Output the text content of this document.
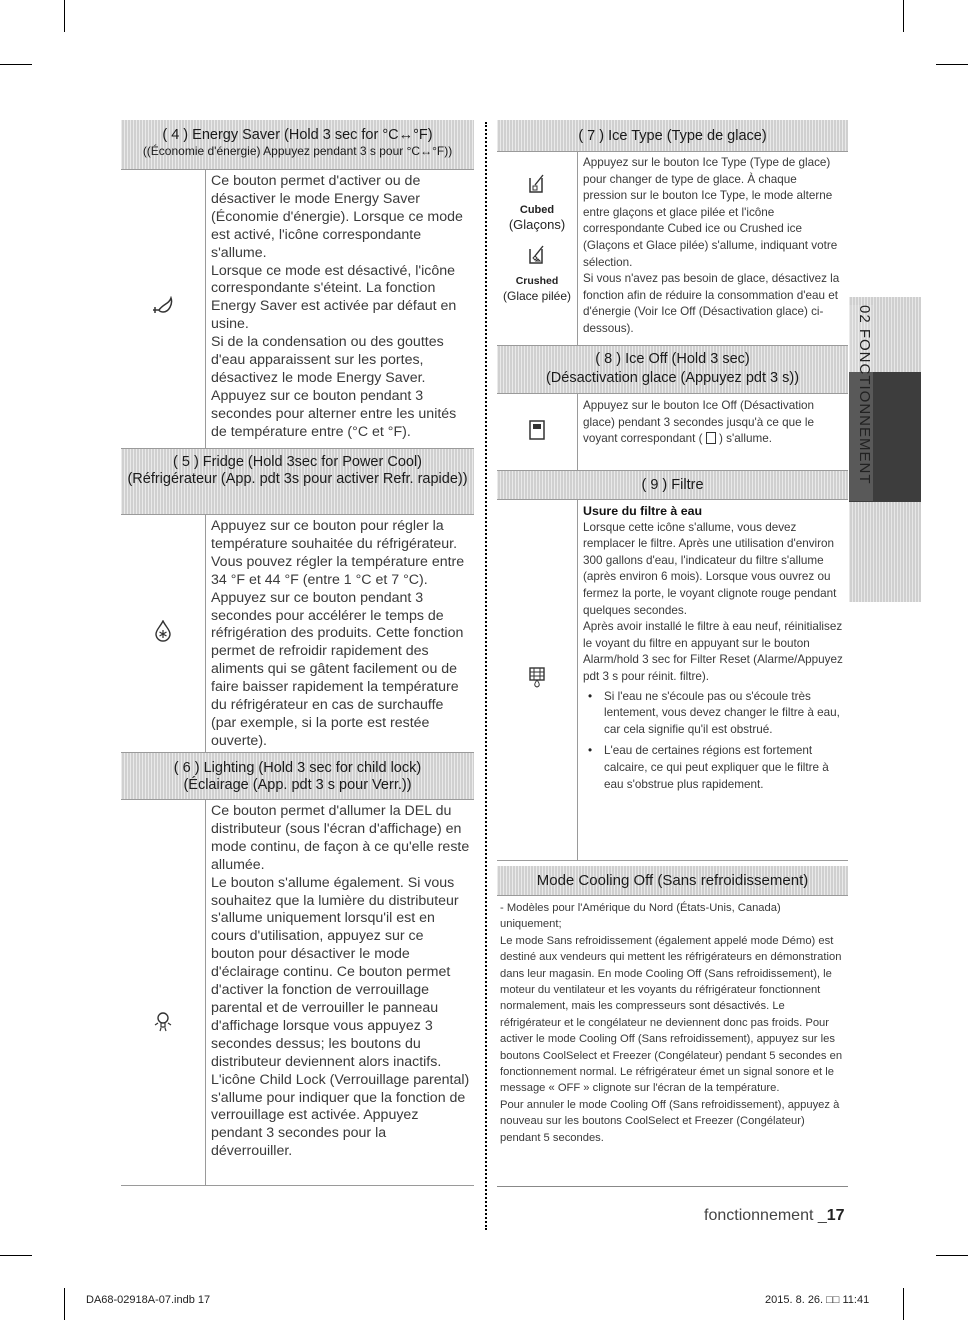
( 4 ) Energy Saver (Hold 3 sec for °C↔°F)
((Économie d'énergie) Appuyez pendant 3 s pour °C↔°F))

Ce bouton permet d'activer ou de désactiver le mode Energy Saver (Économie d'énergie). Lorsque ce mode est activé, l'icône correspondante s'allume.

Lorsque ce mode est désactivé, l'icône correspondante s'éteint. La fonction Energy Saver est activée par défaut en usine.

Si de la condensation ou des gouttes d'eau apparaissent sur les portes, désactivez le mode Energy Saver.

Appuyez sur ce bouton pendant 3 secondes pour alterner entre les unités de température entre (°C et °F).

( 5 ) Fridge (Hold 3sec for Power Cool)
(Réfrigérateur (App. pdt 3s pour activer Refr. rapide))

Appuyez sur ce bouton pour régler la température souhaitée du réfrigérateur. Vous pouvez régler la température entre 34 °F et 44 °F (entre 1 °C et 7 °C). Appuyez sur ce bouton pendant 3 secondes pour accélérer le temps de réfrigération des produits. Cette fonction permet de refroidir rapidement des aliments qui se gâtent facilement ou de faire baisser rapidement la température du réfrigérateur en cas de surchauffe (par exemple, si la porte est restée ouverte).

( 6 ) Lighting (Hold 3 sec for child lock)
(Éclairage (App. pdt 3 s pour Verr.))

Ce bouton permet d'allumer la DEL du distributeur (sous l'écran d'affichage) en mode continu, de façon à ce qu'elle reste allumée.

Le bouton s'allume également. Si vous souhaitez que la lumière du distributeur s'allume uniquement lorsqu'il est en cours d'utilisation, appuyez sur ce bouton pour désactiver le mode d'éclairage continu. Ce bouton permet d'activer la fonction de verrouillage parental et de verrouiller le panneau d'affichage lorsque vous appuyez 3 secondes dessus; les boutons du distributeur deviennent alors inactifs. L'icône Child Lock (Verrouillage parental) s'allume pour indiquer que la fonction de verrouillage est activée. Appuyez pendant 3 secondes pour la déverrouiller.

( 7 ) Ice Type (Type de glace)
Cubed
(Glaçons)
Crushed
(Glace pilée)

Appuyez sur le bouton Ice Type (Type de glace) pour changer de type de glace. À chaque pression sur le bouton Ice Type, le mode alterne entre glaçons et glace pilée et l'icône correspondante Cubed ice ou Crushed ice (Glaçons et Glace pilée) s'allume, indiquant votre sélection.

Si vous n'avez pas besoin de glace, désactivez la fonction afin de réduire la consommation d'eau et d'énergie (Voir Ice Off (Désactivation glace) ci-dessous).

( 8 ) Ice Off (Hold 3 sec)
(Désactivation glace (Appuyez pdt 3 s))

Appuyez sur le bouton Ice Off (Désactivation glace) pendant 3 secondes jusqu'à ce que le voyant correspondant ( ) s'allume.

( 9 ) Filtre

Usure du filtre à eau

Lorsque cette icône s'allume, vous devez remplacer le filtre. Après une utilisation d'environ 300 gallons d'eau, l'indicateur du filtre s'allume (après environ 6 mois). Lorsque vous ouvrez ou fermez la porte, le voyant clignote rouge pendant quelques secondes.

Après avoir installé le filtre à eau neuf, réinitialisez le voyant du filtre en appuyant sur le bouton Alarm/hold 3 sec for Filter Reset (Alarme/Appuyez pdt 3 s pour réinit. filtre).

• Si l'eau ne s'écoule pas ou s'écoule très lentement, vous devez changer le filtre à eau, car cela signifie qu'il est obstrué.
• L'eau de certaines régions est fortement calcaire, ce qui peut expliquer que le filtre à eau s'obstrue plus rapidement.
Mode Cooling Off (Sans refroidissement)

- Modèles pour l'Amérique du Nord (États-Unis, Canada) uniquement;

Le mode Sans refroidissement (également appelé mode Démo) est destiné aux vendeurs qui mettent les réfrigérateurs en démonstration dans leur magasin. En mode Cooling Off (Sans refroidissement), le moteur du ventilateur et les voyants du réfrigérateur fonctionnent normalement, mais les compresseurs sont désactivés. Le réfrigérateur et le congélateur ne deviennent donc pas froids. Pour activer le mode Cooling Off (Sans refroidissement), appuyez sur les boutons CoolSelect et Freezer (Congélateur) pendant 5 secondes en fonctionnement normal. Le réfrigérateur émet un signal sonore et le message « OFF » clignote sur l'écran de la température.

Pour annuler le mode Cooling Off (Sans refroidissement), appuyez à nouveau sur les boutons CoolSelect et Freezer (Congélateur) pendant 5 secondes.

02 FONCTIONNEMENT
fonctionnement _17
DA68-02918A-07.indb 17	2015. 8. 26. □□ 11:41
